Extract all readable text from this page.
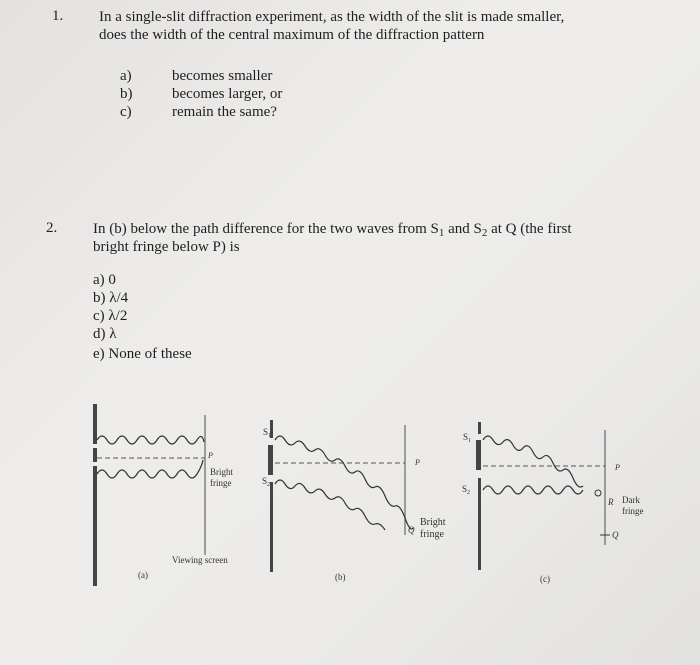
1. In a single-slit diffraction experiment, as the width of the slit is made smaller,
does the width of the central maximum of the diffraction pattern
a)	becomes smaller
b)	becomes larger, or
c)	remain the same?
2. In (b) below the path difference for the two waves from $S_1$ and $S_2$ at Q (the first
bright fringe below P) is
a) 0
b) λ/4
c) λ/2
d) λ
e) None of these
P
Bright
fringe
Viewing screen
(a)
$S_1$
$S_2$
P
Q
Bright
fringe
(b)
$S_1$
$S_2$
P
R Dark
fringe
Q
(c)
